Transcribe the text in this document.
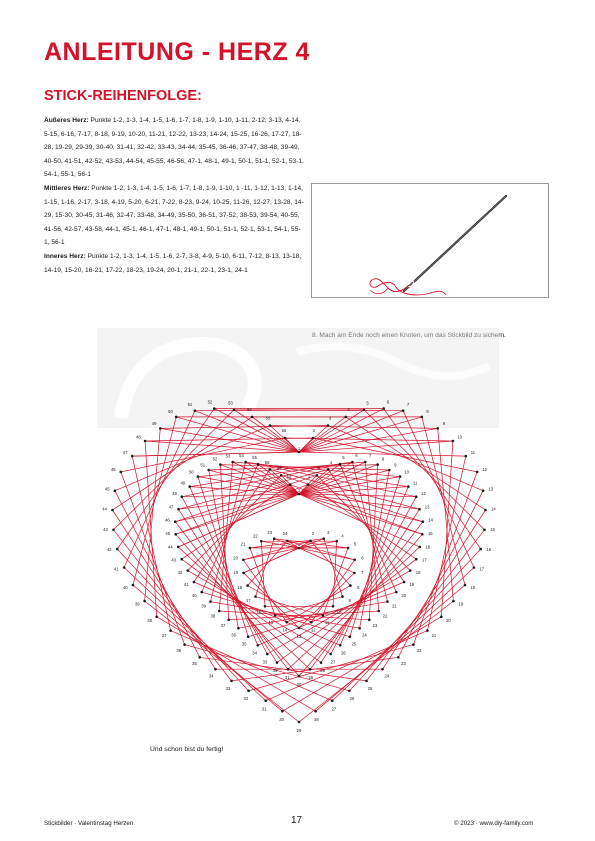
ANLEITUNG - HERZ 4
STICK-REIHENFOLGE:

Äußeres Herz: Punkte 1-2, 1-3, 1-4, 1-5, 1-6, 1-7, 1-8, 1-9, 1-10, 1-11, 2-12, 3-13, 4-14, 5-15, 6-16, 7-17, 8-18, 9-19, 10-20, 11-21, 12-22, 13-23, 14-24, 15-25, 16-26, 17-27, 18-28, 19-29, 29-39, 30-40, 31-41, 32-42, 33-43, 34-44, 35-45, 36-46, 37-47, 38-48, 39-49, 40-50, 41-51, 42-52, 43-53, 44-54, 45-55, 46-56, 47-1, 48-1, 49-1, 50-1, 51-1, 52-1, 53-1, 54-1, 55-1, 56-1

Mittleres Herz: Punkte 1-2, 1-3, 1-4, 1-5, 1-6, 1-7, 1-8, 1-9, 1-10, 1 -11, 1-12, 1-13, 1-14, 1-15, 1-16, 2-17, 3-18, 4-19, 5-20, 6-21, 7-22, 8-23, 9-24, 10-25, 11-26, 12-27, 13-28, 14-29, 15-30, 30-45, 31-46, 32-47, 33-48, 34-49, 35-50, 36-51, 37-52, 38-53, 39-54, 40-55, 41-56, 42-57, 43-58, 44-1, 45-1, 46-1, 47-1, 48-1, 49-1, 50-1, 51-1, 52-1, 53-1, 54-1, 55-1, 56-1

Inneres Herz: Punkte 1-2, 1-3, 1-4, 1-5, 1-6, 2-7, 3-8, 4-9, 5-10, 6-11, 7-12, 8-13, 13-18, 14-19, 15-20, 16-21, 17-22, 18-23, 19-24, 20-1, 21-1, 22-1, 23-1, 24-1

8. Mach am Ende noch einen Knoten, um das Stickbild zu sichern.
1
2
3
4
5	6	7
8
9
10
11
12
13
14
15
16
17
18
19
20
21
22
23
24
25
26
27
28
29
30
31
32
33
34
35
36
37
38
39
40
41
42
43
44
45
46
47
48
49
50
51	52	53
54
55
56
1
2
3
4
5	6	7
8
9
10
11
12
13
14
15
16
17
18
19
20
21
22
23
24
25
26
27
28
29
30
31
32
33
34
35
36
37
38
39
40
41
42
43
44
45
46
47
48
49
50
51
52
53 54 55
56
57
58
1
2	3
4
5
6
7
8
9
10
11
12
13
14
15
16
17
18
19
20
21
22
23	24
Und schon bist du fertig!
Stickbilder · Valentinstag Herzen	17	© 2023 · www.diy-family.com
